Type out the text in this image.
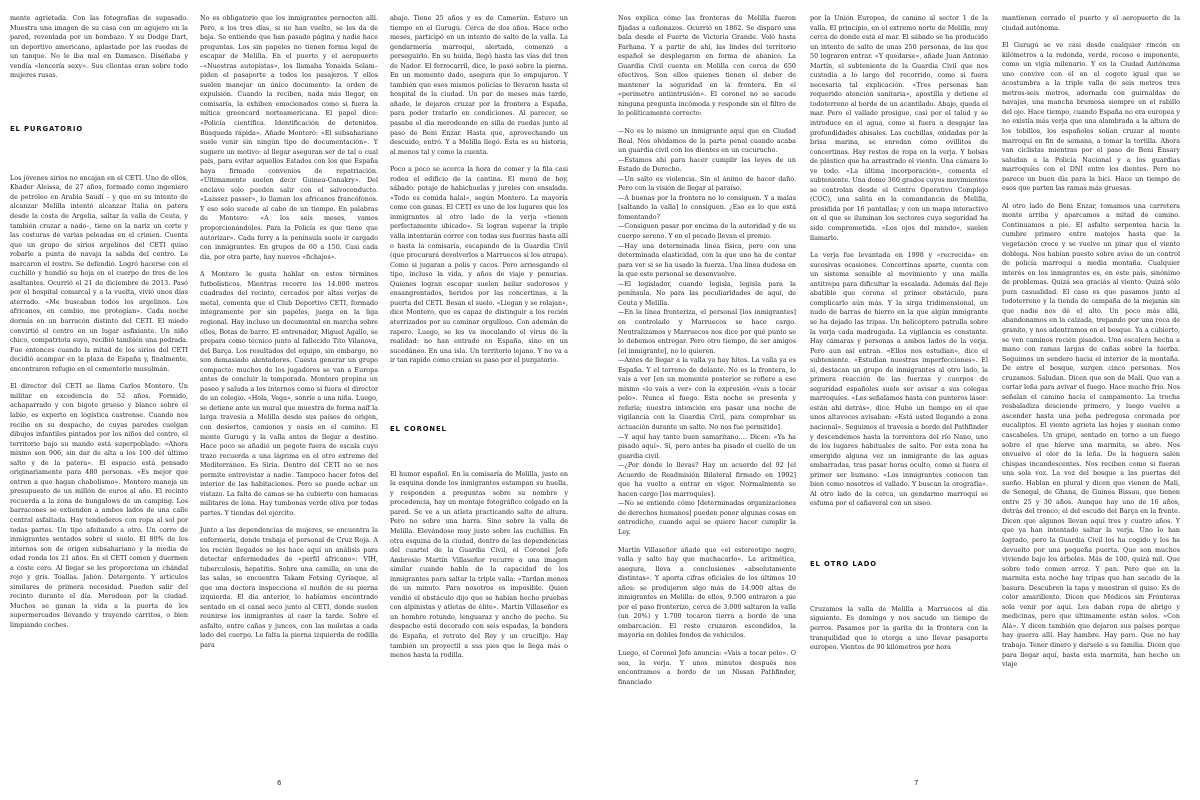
mente agrietada. Con las fotografías de supasado. Muestra una imagen de su casa con un agujero en la pared, reventada por un bombazo. Y su Dodge Dart, un deportivo americano, aplastado por las ruedas de un tanque. No le iba mal en Damasco. Diseñaba y vendía «lencería sexy». Sus clientas eran sobre todo mujeres rusas.

EL PURGATORIO

Los jóvenes sirios no encajan en el CETI. Uno de ellos, Khader Aleissa, de 27 años, formado como ingeniero de petróleo en Arabia Saudí – y que en su intento de alcanzar Melilla intentó alcanzar Italia en patera desde la costa de Argelia, saltar la valla de Ceuta, y también cruzar a nado–, tiene en la nariz un corte y las costuras de varias peleadas en el crimen. Cuenta que un grupo de sirios argelinos del CETI quiso robarle a punta de navaja la salida del centro. Le marcaron el rostro. Se defendió. Logró hacerse con el cuchillo y hundió su hoja en el cuerpo de tres de los asaltantes. Ocurrió el 21 de diciembre de 2013. Pasó por el hospital comarcal y a la vuelta, vivió unos días aterrado. «Me buscaban todos los argelinos. Los africanos, en cambio, me protegían». Cada noche dormía en un barracón distinto del CETI. El miedo convirtió el centro en un lugar asfixiante. Un niño chico, compatriota suyo, recibió también una pedrada. Fue entonces cuando la mitad de los sirios del CETI decidió acampar en la plaza de España y, finalmente, encontraron refugio en el cementerio musulmán.

El director del CETI se llama Carlos Montero. Un militar en excedencia de 52 años. Formido, achaparrado y con bigote grueso y blanco sobre el labio, es experto en logística castrense. Cuando nos recibe en su despacho, de cuyas paredes cuelgan dibujos infantiles pintados por los niños del centro, el territorio bajo su mando está superpoblado: «Ahora mismo son 906, sin dar de alta a los 100 del último salto y de la patera». El espacio está pensado originariamente para 480 personas. «Es mejor que entren a que hagan chabolismo». Montero maneja un presupuesto de un millón de euros al año. El recinto recuerda a la zona de bungalows de un camping. Los barracones se extienden a ambos lados de una calle central asfaltada. Hay tendederos con ropa al sol por todas partes. Un tipo afeitando a otro. Un corro de inmigrantes sentados sobre el suelo. El 80% de los internos son de origen subsahariano y la media de edad ronda los 21 años. En el CETI comen y duermen a coste cero. Al llegar se les proporciona un chándal rojo y gris. Toallas. Jabón. Detergente. Y artículos similares de primera necesidad. Pueden salir del recinto durante el día. Merodean por la ciudad. Muchos se ganan la vida a la puerta de los supermercados llevando y trayendo carritos, o bien limpiando coches.

No es obligatorio que los inmigrantes pernocten allí. Pero, a los tres días, si no han vuelto, se les da de baja. Se entiende que han pasado página y nadie hace preguntas. Los sin papeles no tienen forma legal de escapar de Melilla. En el puerto y el aeropuerto –«Nuestras autopistas», los llamaba Yonaida Selam– piden el pasaporte a todos los pasajeros. Y ellos suelen manejar un único documento: la orden de expulsión. Cuando la reciben, nada más llegar, en comisaría, la exhiben emocionados como si fuera la mítica greencard norteamericana. El papel dice: «Policía científica. Identificación de detenidos. Búsqueda rápida». Añade Montero: «El subsahariano suele venir sin ningún tipo de documentación». Y sugiere un motivo: al llegar aseguran ser de tal o cual país, para evitar aquellos Estados con los que España haya firmado convenios de repatriación. «Últimamente suelen decir Guinea-Conakry». Del enclave solo pueden salir con el salvoconducto. «Laissez passer», lo llaman los africanos francófonos. Y eso solo sucede al cabo de un tiempo. En palabras de Montero: «A los seis meses, vamos proporcionándoles. Para la Policía es que tiene que autorizar». Cada ferry a la península suele ir cargado con inmigrantes. En grupos de 60 a 150. Casi cada día, por otra parte, hay nuevos «fichajes».

A Montero le gusta hablar en estos términos futbolísticos. Mientras recorre los 14.000 metros cuadrados del recinto, cercados por altas verjas de metal, comenta que el Club Deportivo CETI, formado íntegramente por sin papeles, juega en la liga regional. Hay incluso un documental en marcha sobre ellos, Botas de barro. El entrenador, Miguel Agallo, se prepara como técnico junto al fallecido Tito Vilanova, del Barça. Los resultados del equipo, sin embargo, no son demasiado alentadores. Cuesta generar un grupo compacto: muchos de los jugadores se van a Europa antes de concluir la temporada. Montero propina un paseo y saluda a los internos como si fuera el director de un colegio. «Hola, Vega», sonríe a una niña. Luego, se detiene ante un mural que muestra de forma naïf la larga travesía a Melilla desde sus países de origen, con desiertos, camiones y oasis en el camino. El monte Gurugú y la valla antes de llegar a destino. Hace poco se añadió un pegote fuera de escala cuyo trazo recuerda a una lágrima en el otro extremo del Mediterráneo. Es Siria. Dentro del CETI no se nos permite entrevistar a nadie. Tampoco hacer fotos del interior de las habitaciones. Pero se puede echar un vistazo. La falta de camas se ha cubierto con hamacas militares de lona. Hay tumbonas verde oliva por todas partes. Y tiendas del ejército.

Junto a las dependencias de mujeres, se encuentra la enfermería, donde trabaja el personal de Cruz Roja. A los recién llegados se les hace aquí un análisis para detectar enfermedades de «perfil africano»: VIH, tuberculosis, hepatitis. Sobre una camilla, en una de las salas, se encuentra Takam Fotsing Cyriaque, al que una doctora inspecciona el muñón de su pierna izquierda. El día anterior, lo habíamos encontrado sentado en el canal seco junto al CETI, donde suelen reunirse los inmigrantes al caer la tarde. Sobre el asfalto, entre cañas y juncos, con las muletas a cada lado del cuerpo. Le falta la pierna izquierda de rodilla para

abajo. Tiene 25 años y es de Camerún. Estuvo un tiempo en el Gurugú. Cerca de dos años. Hace ocho meses, participó en un intento de salto de la valla. La gendarmería marroquí, alertada, comenzó a perseguirlo. En su huida, llegó hasta las vías del tren de Nador. El ferrocarril, dice, le pasó sobre la pierna. En un momento dado, asegura que lo empujaron. Y también que esos mismos policías lo llevaron hasta el hospital de la ciudad. Un par de meses más tarde, añade, le dejaron cruzar por la frontera a España, para poder tratarlo en condiciones. Al parecer, se pasaba el día merodeando en silla de ruedas junto al paso de Beni Enzar. Hasta que, aprovechando un descuido, entró. Y a Melilla llegó. Ésta es su historia, al menos tal y como la cuenta.

Poco a poco se acerca la hora de comer y la fila casi rodea el edificio de la cantina. El menú de hoy, sábado: potaje de habichuelas y jureles con ensalada. «Todo es comida halal», según Montero. La mayoría come con ganas. El CETI es uno de los lugares que los inmigrantes al otro lado de la verja «tienen perfectamente ubicado». Si logran superar la triple valla intentarán correr con todas sus fuerzas hasta allí o hasta la comisaría, escapando de la Guardia Civil (que procurará devolverlos a Marruecos si los atrapa). Como si jugaran a polis y cacos. Pero arriesgando el tipo, incluso la vida, y años de viaje y penurias. Quienes logran escapar suelen bailar sudorosos y ensangrentados, heridos por las concertinas, a la puerta del CETI. Besan el suelo. «Llegan y se relajan», dice Montero, que es capaz de distinguir a los recién aterrizados por su caminar orgulloso. Con ademán de rapero. Luego, se les va inoculando el virus de la realidad: no han entrado en España, sino en un sucedáneo. En una isla. Un territorio lejano. Y no va a ir tan rápido como creían su paso por el purgatorio.

EL CORONEL

El humor español. En la comisaría de Melilla, justo en la esquina donde los inmigrantes estampan su huella, y responden a preguntas sobre su nombre y procedencia, hay un montaje fotográfico colgado en la pared. Se ve a un atleta practicando salto de altura. Pero no sobre una barra. Sino sobre la valla de Melilla. Elevándose muy justo sobre las cuchillas. En otra esquina de la ciudad, dentro de las dependencias del cuartel de la Guardia Civil, el Coronel Jefe Ambrosio Martín Villaseñor recurre a una imagen similar cuando habla de la capacidad de los inmigrantes para saltar la triple valla: «Tardan menos de un minuto. Para nosotros es imposible. Quien vendió el obstáculo dijo que se habían hecho pruebas con alpinistas y atletas de élite». Martín Villaseñor es un hombre rotundo, lenguaraz y ancho de pecho. Su despacho está decorado con seis espadas, la bandera de España, el retrato del Rey y un crucifijo. Hay también un proyectil a sus pies que le llega más o menos hasta la rodilla.

6

Nos explica cómo las fronteras de Melilla fueron fijadas a cañonazos. Ocurrió en 1862. Se disparó una bala desde el Fuerte de Victoria Grande. Voló hasta Farhana. Y a partir de ahí, las lindes del territorio español se desplegaron en forma de abanico. La Guardia Civil cuenta en Melilla con cerca de 650 efectivos. Son ellos quienes tienen el deber de mantener la seguridad en la frontera. En el «perímetro antiintrusión». El coronel no se sacude ninguna pregunta incómoda y responde sin el filtro de lo políticamente correcto:

—No es lo mismo un inmigrante aquí que en Ciudad Real. Nos olvidamos de la parte penal cuando acaba un guardia civil con los dientes en un cucurucho.
—Estamos ahí para hacer cumplir las leyes de un Estado de Derecho.
—Un salto es violencia. Sin el ánimo de hacer daño. Pero con la visión de llegar al paraíso.
—A buenas por la frontera no lo consiguen. Y a malas [saltando la valla] lo consiguen. ¿Eso es lo que está fomentando?
—Consiguen pasar por encima de la autoridad y de su cuerpo sereno. Y en el pecado llevan el premio.
—Hay una determinada línea física, pero con una determinada elasticidad, con la que uno ha de contar para ver si se ha usado la fuerza. Una línea dudosa en la que este personal se desenvuelve.
—El legislador, cuando legisla, legisla para la península. No para las peculiaridades de aquí, de Ceuta y Melilla.
—En la línea fronteriza, el personal [los inmigrantes] en controlado y Marruecos se hace cargo. Neutralizamos y Marruecos nos dice por qué punto se lo debemos entregar. Pero otro tiempo, de ser amigos [el inmigrante], no lo quieren.
—Antes de llegar a la valla ya hay hitos. La valla ya es España. Y el terreno de delante. No es la frontera, lo vais a ver [en un momento posterior se refiere a ese mismo «lo vais a ver» con la expresión «vais a tocar pelo». Nunca el fuego. Esta noche se presenta y refería; nuestra intención era pasar una noche de vigilancia con la Guardia Civil, para comprobar su actuación durante un salto. No nos fue permitido].
—Y aquí hay tanto buen samaritano…. Dicen: «Ya ha pisado aquí». Sí, pero antes ha pisado el cuello de un guardia civil.
—¿Por dónde lo llevas? Hay un acuerdo del 92 [el Acuerdo de Readmisión Bilateral firmado en 1992] que ha vuelto a entrar en vigor. Normalmente se hacen cargo [los marroquíes].
—No se entiende cómo [determinadas organizaciones de derechos humanos] pueden poner algunas cosas en entredicho, cuando aquí se quiere hacer cumplir la Ley.

Martín Villaseñor añade que «el estereotipo negro, valla y salto hay que machacarlo». La aritmética, asegura, lleva a conclusiones «absolutamente distintas». Y aporta cifras oficiales de los últimos 10 años: se produjeron algo más de 14.900 altas de inmigrantes en Melilla: de ellos, 9.500 entraron a pie por el paso fronterizo, cerca de 3.000 saltaron la valla (un 20%) y 1.700 tocaron tierra a bordo de una embarcación. El resto cruzaron escondidos, la mayoría en dobles fondos de vehículos.

Luego, el Coronel Jefe anuncia: «Vais a tocar pelo». O sea, la verja. Y unos minutos después nos encontramos a bordo de un Nissan Pathfinder, financiado

por la Unión Europea, de camino al sector 1 de la valla. El principio, en el extremo norte de Melilla, muy cerca de donde está el mar. El sábado se ha producido un intento de salto de unas 250 personas, de las que 50 lograron entrar. «Y quedarse», añade Juan Antonio Martín, el subteniente de la Guardia Civil que nos custodia a lo largo del recorrido, como si fuera necesaria tal explicación. «Tres personas han requerido atención sanitaria», apostilla y detiene el todoterreno al borde de un acantilado. Abajo, queda el mar. Pero el vallado prosigue, casi por el talud y se introduce en el agua, como si fuera a desgajar las profundidades abisales. Las cuchillas, oxidadas por la brisa marina, se enredan como ovillitos de concertinas. Hay restos de ropa en la verja. Y bolsas de plástico que ha arrastrado el viento. Una cámara lo ve todo. «La última incorporación», comenta el subteniente. Una domo 360 grados cuyos movimientos se controlan desde el Centro Operativo Complejo (COC), una salita en la comandancia de Melilla, presidida por 16 pantallas; y con un mapa interactivo en el que se iluminan los sectores cuya seguridad ha sido comprometida. «Los ojos del mando», suelen llamarlo.

La verja fue levantada en 1998 y «recrecida» en sucesivas ocasiones. Concertinas aparte, cuenta con un sistema sensible al movimiento y una malla antitrepa para dificultar la escalada. Además del fleje abatible que corona el primer obstáculo, para complicarlo aún más. Y la sirga tridimensional, un nudo de barras de hierro en la que algún inmigrante se ha dejado las tripas. Un helicóptero patrulla sobre la verja cada madrugada. La vigilancia es constante. Hay cámaras y personas a ambos lados de la verja. Pero aun así entran. «Ellos nos estudian», dice el subteniente. «Estudian nuestras imperfecciones». El sí, destacan un grupo de inmigrantes al otro lado, la primera reacción de las fuerzas y cuerpos de seguridad españoles suele ser avisar a sus colegas marroquíes. «Les señalamos hasta con punteros láser: están ahí detrás», dice. Hubo un tiempo en el que unos altavoces avisaban: «Está usted llegando a zona nacional». Seguimos el travesía a bordo del Pathfinder y descendemos hasta la torrentera del río Nano, uno de los lugares habituales de salto. Por esta zona ha emergido alguna vez un inmigrante de las aguas embarradas, tras pasar horas oculto, como si fuera el primer ser humano. «Los inmigrantes conocen tan bien como nosotros el vallado. Y buscan la orografía». Al otro lado de la cerca, un gendarme marroquí se esfuma por el cañaveral con un siseo.

EL OTRO LADO

Cruzamos la valla de Melilla a Marruecos al día siguiente. Es domingo y nos sacude un tiempo de perros. Pasamos por la garita de la frontera con la tranquilidad que le otorga a uno llevar pasaporte europeo. Vientos de 90 kilómetros por hora

mantienen cerrado el puerto y el aeropuerto de la ciudad autónoma.

El Gurugú se ve casi desde cualquier rincón en kilómetros a la redonda, verde, rocoso e imponente, como un vigía milenario. Y en la Ciudad Autónoma uno convive con él en el cogote igual que se acostumbra a la triple valla de seis metros tres metros-seis metros, adornada con guirnaldas de navajas, una mancha brumosa siempre en el rabillo del ojo. Hace tiempo, cuando España no era europea y no existía más verja que una alambrada a la altura de los tobillos, los españoles solían cruzar al monte marroquí en fin de semana, a tomar la tortilla. Ahora van ciclistas mientras por el paso de Beni Ensary saludan a la Policía Nacional y a los guardias marroquíes con el DNI entre los dientes. Pero no parece un buen día para la bici. Hace un tiempo de esos que parten las ramas más gruesas.

Al otro lado de Beni Enzar, tomamos una carretera monte arriba y aparcamos a mitad de camino. Continuamos a pie. El asfalto serpentea hacia la cumbre primero entre matojos hasta que la vegetación crece y se vuelve un pinar que el viento doblega. Nos habían puesto sobre aviso de un control de policía marroquí a media montaña. Cualquier interés en los inmigrantes es, en este país, sinónimo de problemas. Quizá sea graciás al viento. Quizá sólo pura casualidad. El caso es que pasamos junto al todoterreno y la tienda de campaña de la mejania sin que nadie nos dé el alto. Un poco más allá, abandonamos en la calzada, trepando por una roca de granito, y nos adentramos en el bosque. Ya a cubierto, se ven caminos recién pisados. Una escalera hecha a mano con ramas largas de cañas sobre la hierba. Seguimos un sendero hacia el interior de la montaña. De entre el bosque, surgen cinco personas. Nos cruzamos. Saludan. Dicen que son de Malí. Que van a cortar leña para avivar el fuego. Hace mucho frío. Nos señalan el camino hacia el campamento. La trocha resbaladiza desciende primero, y luego vuelve a ascender hasta una peña pedregosa coronada por eucaliptos. El viento agrieta las hojas y suenan como cascabeles. Un grupo, sentado en torno a un fuego sobre el que hierve una marmita, se abre. Nos envuelve el olor de la leña. De la hoguera salen chispas incandescentes. Nos reciben como si fueran una sola voz. La voz del bosque a las puertas del sueño. Hablan en plural y dicen que vienen de Malí, de Senegal, de Ghana, de Guinea Bissau, que tienen entre 25 y 30 años. Aunque hay uno de 16 años, detrás del tronco; el del escudo del Barça en la frente. Dicen que algunos llevan aquí tres y cuatro años. Y que ya han intentado saltar la verja. Uno lo han logrado, pero la Guardia Civil los ha cogido y los ha devuelto por una pequeña puerta. Que son muchos viviendo bajo los árboles. Más de 100, quizá mil. Que sobre todo comen arroz. Y pan. Pero que en la marmita esta noche hay tripas que han sacado de la basura. Descubren la tapa y muestran el guiso. Es de color amarillento. Dicen que Médicos sin Fronteras sola venir por aquí. Les daban ropa de abrigo y medicinas, pero que últimamente están solos. «Con Alá». Y dicen también que dejaron sus países porque hay guerra allí. Hay hambre. Hay paro. Que no hay trabajo. Tener dinero y darselo a su familia. Dicen que para llegar aquí, hasta esta marmita, han hecho un viaje

7
